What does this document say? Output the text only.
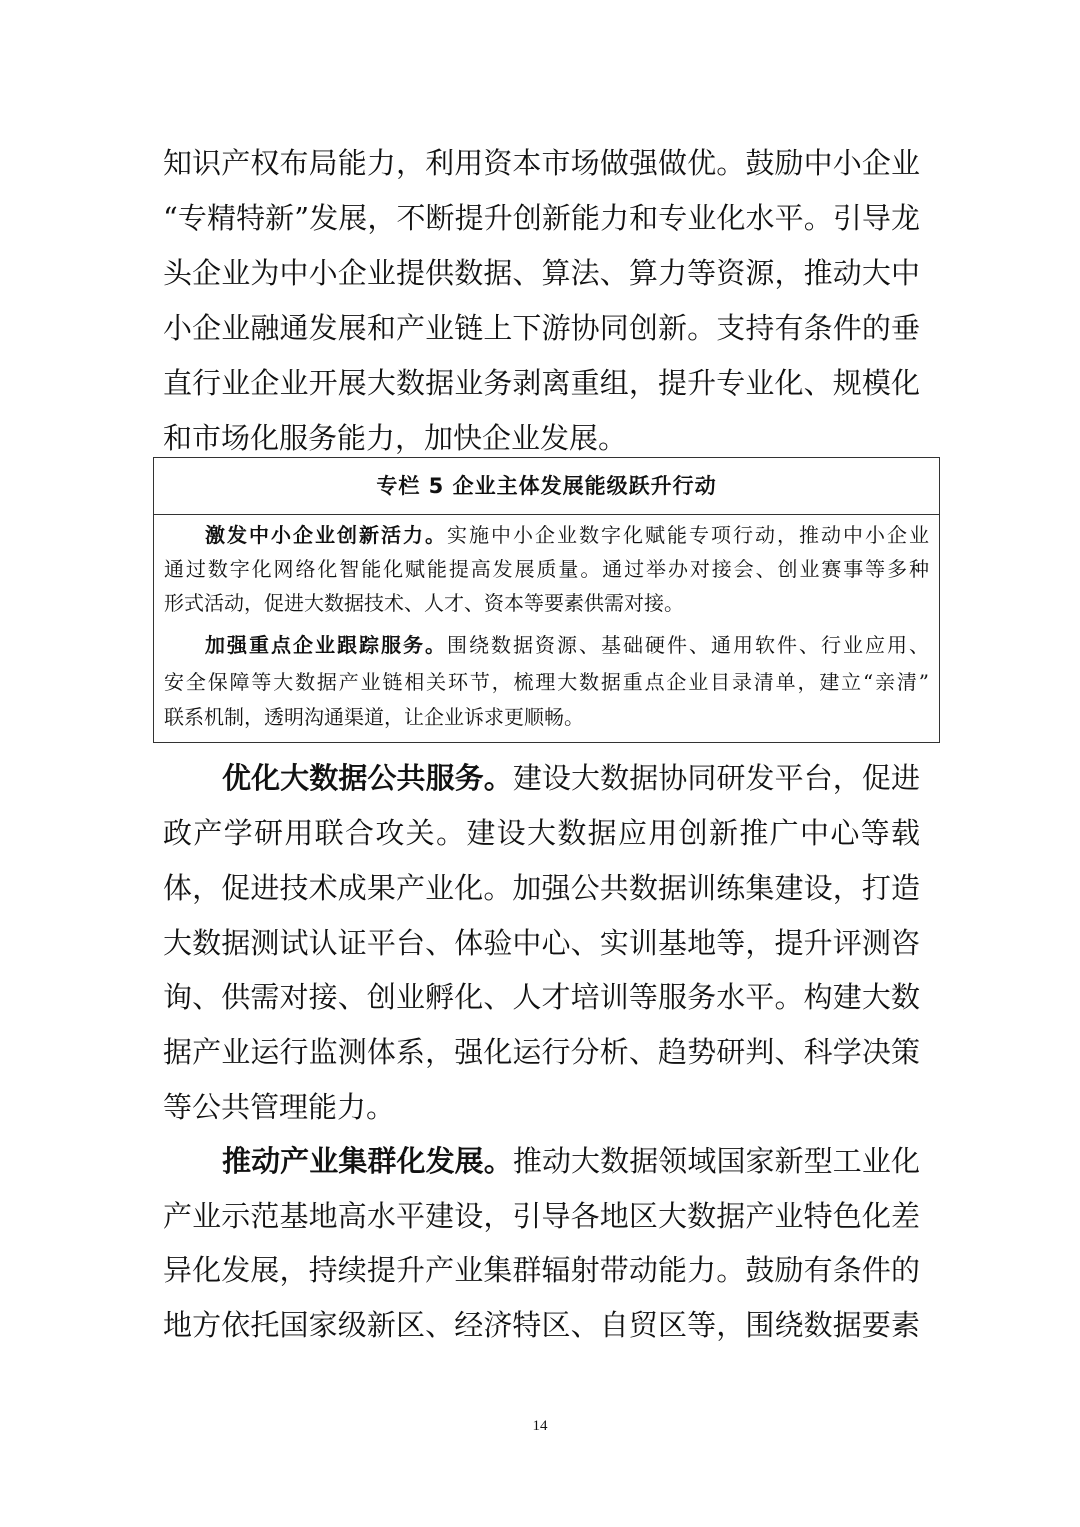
知识产权布局能力，利用资本市场做强做优。鼓励中小企业
“专精特新”发展，不断提升创新能力和专业化水平。引导龙
头企业为中小企业提供数据、算法、算力等资源，推动大中
小企业融通发展和产业链上下游协同创新。支持有条件的垂
直行业企业开展大数据业务剥离重组，提升专业化、规模化
和市场化服务能力，加快企业发展。
专栏 5 企业主体发展能级跃升行动
激发中小企业创新活力。实施中小企业数字化赋能专项行动，推动中小企业
通过数字化网络化智能化赋能提高发展质量。通过举办对接会、创业赛事等多种
形式活动，促进大数据技术、人才、资本等要素供需对接。
加强重点企业跟踪服务。围绕数据资源、基础硬件、通用软件、行业应用、
安全保障等大数据产业链相关环节，梳理大数据重点企业目录清单，建立“亲清”
联系机制，透明沟通渠道，让企业诉求更顺畅。
优化大数据公共服务。建设大数据协同研发平台，促进
政产学研用联合攻关。建设大数据应用创新推广中心等载
体，促进技术成果产业化。加强公共数据训练集建设，打造
大数据测试认证平台、体验中心、实训基地等，提升评测咨
询、供需对接、创业孵化、人才培训等服务水平。构建大数
据产业运行监测体系，强化运行分析、趋势研判、科学决策
等公共管理能力。
推动产业集群化发展。推动大数据领域国家新型工业化
产业示范基地高水平建设，引导各地区大数据产业特色化差
异化发展，持续提升产业集群辐射带动能力。鼓励有条件的
地方依托国家级新区、经济特区、自贸区等，围绕数据要素
14
